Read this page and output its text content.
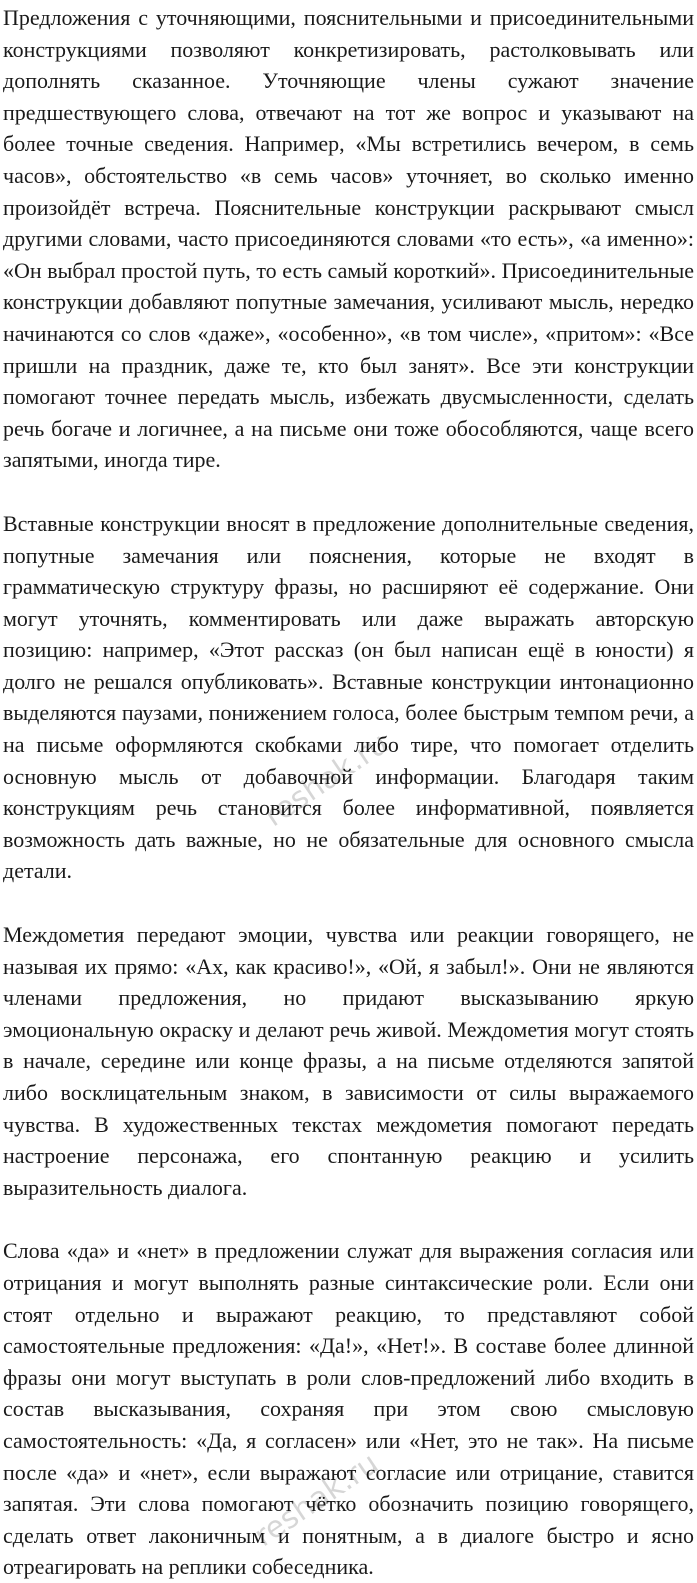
Предложения с уточняющими, пояснительными и присоединительными конструкциями позволяют конкретизировать, растолковывать или дополнять сказанное. Уточняющие члены сужают значение предшествующего слова, отвечают на тот же вопрос и указывают на более точные сведения. Например, «Мы встретились вечером, в семь часов», обстоятельство «в семь часов» уточняет, во сколько именно произойдёт встреча. Пояснительные конструкции раскрывают смысл другими словами, часто присоединяются словами «то есть», «а именно»: «Он выбрал простой путь, то есть самый короткий». Присоединительные конструкции добавляют попутные замечания, усиливают мысль, нередко начинаются со слов «даже», «особенно», «в том числе», «притом»: «Все пришли на праздник, даже те, кто был занят». Все эти конструкции помогают точнее передать мысль, избежать двусмысленности, сделать речь богаче и логичнее, а на письме они тоже обособляются, чаще всего запятыми, иногда тире.

Вставные конструкции вносят в предложение дополнительные сведения, попутные замечания или пояснения, которые не входят в грамматическую структуру фразы, но расширяют её содержание. Они могут уточнять, комментировать или даже выражать авторскую позицию: например, «Этот рассказ (он был написан ещё в юности) я долго не решался опубликовать». Вставные конструкции интонационно выделяются паузами, понижением голоса, более быстрым темпом речи, а на письме оформляются скобками либо тире, что помогает отделить основную мысль от добавочной информации. Благодаря таким конструкциям речь становится более информативной, появляется возможность дать важные, но не обязательные для основного смысла детали.

Междометия передают эмоции, чувства или реакции говорящего, не называя их прямо: «Ах, как красиво!», «Ой, я забыл!». Они не являются членами предложения, но придают высказыванию яркую эмоциональную окраску и делают речь живой. Междометия могут стоять в начале, середине или конце фразы, а на письме отделяются запятой либо восклицательным знаком, в зависимости от силы выражаемого чувства. В художественных текстах междометия помогают передать настроение персонажа, его спонтанную реакцию и усилить выразительность диалога.

Слова «да» и «нет» в предложении служат для выражения согласия или отрицания и могут выполнять разные синтаксические роли. Если они стоят отдельно и выражают реакцию, то представляют собой самостоятельные предложения: «Да!», «Нет!». В составе более длинной фразы они могут выступать в роли слов-предложений либо входить в состав высказывания, сохраняя при этом свою смысловую самостоятельность: «Да, я согласен» или «Нет, это не так». На письме после «да» и «нет», если выражают согласие или отрицание, ставится запятая. Эти слова помогают чётко обозначить позицию говорящего, сделать ответ лаконичным и понятным, а в диалоге быстро и ясно отреагировать на реплики собеседника.
